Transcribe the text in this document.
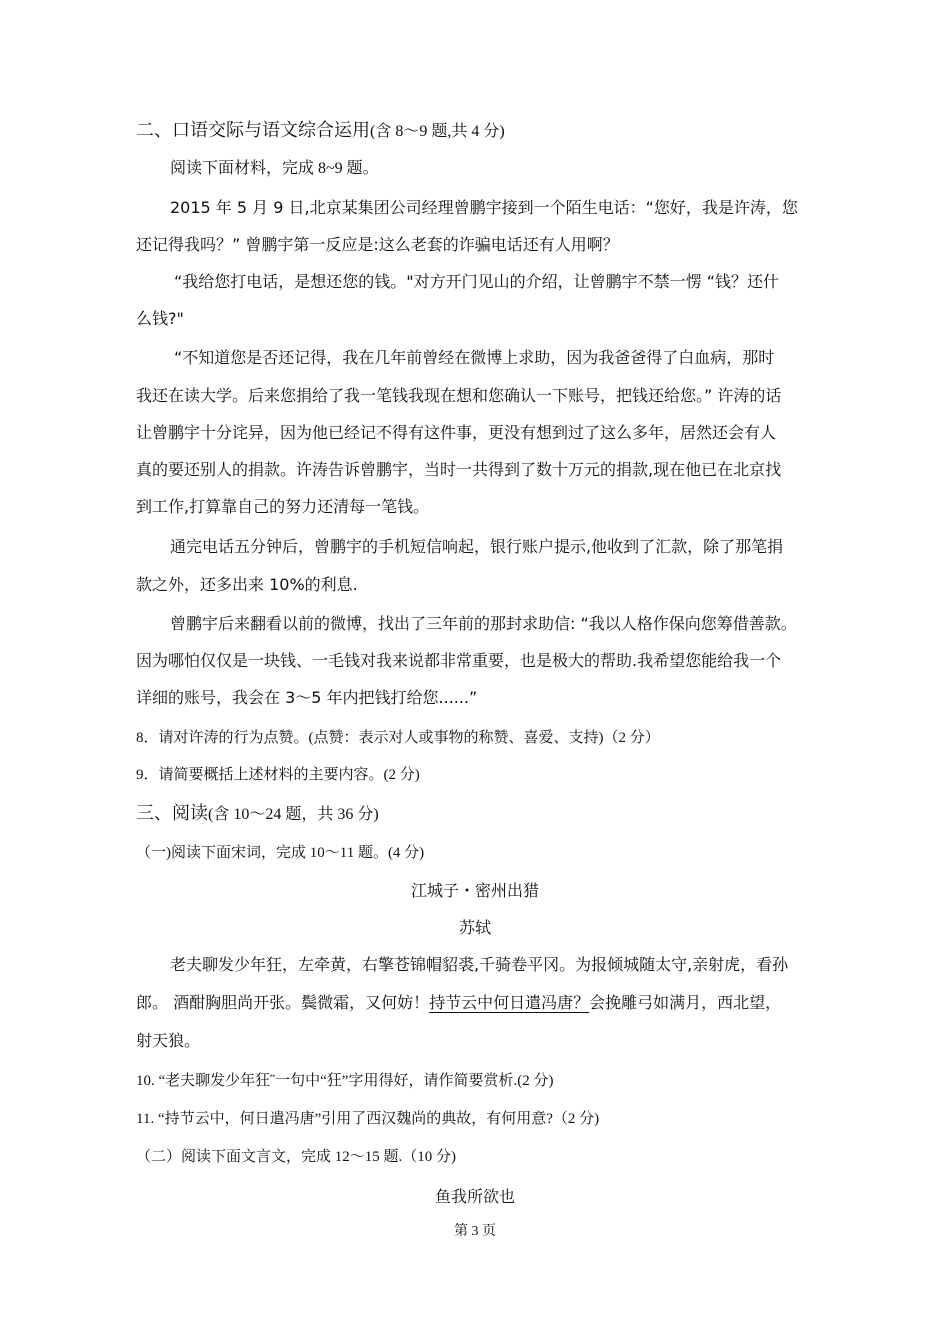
二、口语交际与语文综合运用(含 8～9 题,共 4 分)
阅读下面材料，完成 8~9 题。
2015 年 5 月 9 日,北京某集团公司经理曾鹏宇接到一个陌生电话：“您好，我是许涛，您
还记得我吗？” 曾鹏宇第一反应是:这么老套的诈骗电话还有人用啊？
“我给您打电话，是想还您的钱。"对方开门见山的介绍，让曾鹏宇不禁一愣 “钱？还什
么钱?"
“不知道您是否还记得，我在几年前曾经在微博上求助，因为我爸爸得了白血病，那时
我还在读大学。后来您捐给了我一笔钱我现在想和您确认一下账号，把钱还给您。” 许涛的话
让曾鹏宇十分诧异，因为他已经记不得有这件事，更没有想到过了这么多年，居然还会有人
真的要还别人的捐款。许涛告诉曾鹏宇，当时一共得到了数十万元的捐款,现在他已在北京找
到工作,打算靠自己的努力还清每一笔钱。
通完电话五分钟后，曾鹏宇的手机短信响起，银行账户提示,他收到了汇款，除了那笔捐
款之外，还多出来 10%的利息.
曾鹏宇后来翻看以前的微博，找出了三年前的那封求助信: “我以人格作保向您筹借善款。
因为哪怕仅仅是一块钱、一毛钱对我来说都非常重要，也是极大的帮助.我希望您能给我一个
详细的账号，我会在 3～5 年内把钱打给您......”
8．请对许涛的行为点赞。(点赞：表示对人或事物的称赞、喜爱、支持)（2 分）
9．请简要概括上述材料的主要内容。(2 分)
三、阅读(含 10～24 题，共 36 分)
（一)阅读下面宋词，完成 10～11 题。(4 分)
江城子・密州出猎
苏轼
老夫聊发少年狂，左牵黄，右擎苍锦帽貂裘,千骑卷平冈。为报倾城随太守,亲射虎，看孙
郎。 酒酣胸胆尚开张。鬓微霜，又何妨！持节云中何日遣冯唐？会挽雕弓如满月，西北望，
射天狼。
10. “老夫聊发少年狂˝一句中“狂”字用得好，请作简要赏析.(2 分)
11. “持节云中，何日遣冯唐”引用了西汉魏尚的典故，有何用意?（2 分)
（二）阅读下面文言文，完成 12～15 题.（10 分)
鱼我所欲也
第 3 页
